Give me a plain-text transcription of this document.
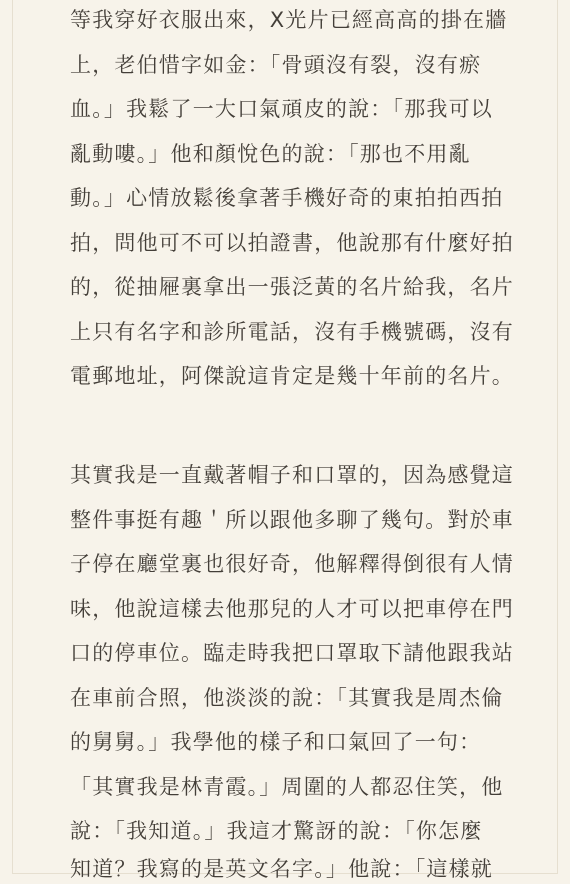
等我穿好衣服出來，X光片已經高高的掛在牆
上，老伯惜字如金：「骨頭沒有裂，沒有瘀
血。」我鬆了一大口氣頑皮的說：「那我可以
亂動嘍。」他和顏悅色的說：「那也不用亂
動。」心情放鬆後拿著手機好奇的東拍拍西拍
拍，問他可不可以拍證書，他說那有什麼好拍
的，從抽屜裏拿出一張泛黃的名片給我，名片
上只有名字和診所電話，沒有手機號碼，沒有
電郵地址，阿傑說這肯定是幾十年前的名片。
其實我是一直戴著帽子和口罩的，因為感覺這
整件事挺有趣＇所以跟他多聊了幾句。對於車
子停在廳堂裏也很好奇，他解釋得倒很有人情
味，他說這樣去他那兒的人才可以把車停在門
口的停車位。臨走時我把口罩取下請他跟我站
在車前合照，他淡淡的說：「其實我是周杰倫
的舅舅。」我學他的樣子和口氣回了一句：
「其實我是林青霞。」周圍的人都忍住笑，他
說：「我知道。」我這才驚訝的說：「你怎麼
知道？我寫的是英文名字。」他說：「這樣就
